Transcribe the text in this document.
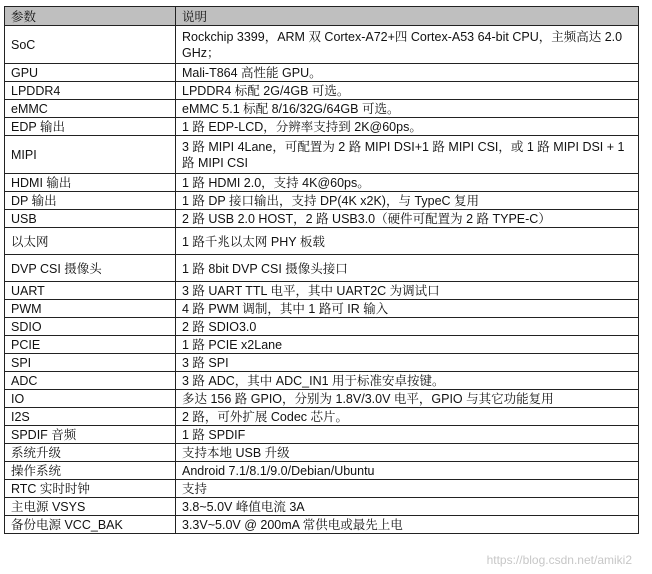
参数	说明
SoC	Rockchip 3399，ARM 双 Cortex-A72+四 Cortex-A53 64-bit CPU，主频高达 2.0 GHz；
GPU	Mali-T864 高性能 GPU。
LPDDR4	LPDDR4 标配 2G/4GB 可选。
eMMC	eMMC 5.1 标配 8/16/32G/64GB 可选。
EDP 输出	1 路 EDP-LCD，分辨率支持到 2K@60ps。
MIPI	3 路 MIPI 4Lane，可配置为 2 路 MIPI DSI+1 路 MIPI CSI，或 1 路 MIPI DSI + 1 路 MIPI CSI
HDMI 输出	1 路 HDMI 2.0，支持 4K@60ps。
DP 输出	1 路 DP 接口输出，支持 DP(4K x2K)，与 TypeC 复用
USB	2 路 USB 2.0 HOST，2 路 USB3.0（硬件可配置为 2 路 TYPE-C）
以太网	1 路千兆以太网 PHY 板载
DVP CSI 摄像头	1 路 8bit DVP CSI 摄像头接口
UART	3 路 UART TTL 电平，其中 UART2C 为调试口
PWM	4 路 PWM 调制，其中 1 路可 IR 输入
SDIO	2 路 SDIO3.0
PCIE	1 路 PCIE x2Lane
SPI	3 路 SPI
ADC	3 路 ADC，其中 ADC_IN1 用于标准安卓按键。
IO	多达 156 路 GPIO，分别为 1.8V/3.0V 电平，GPIO 与其它功能复用
I2S	2 路，可外扩展 Codec 芯片。
SPDIF 音频	1 路 SPDIF
系统升级	支持本地 USB 升级
操作系统	Android 7.1/8.1/9.0/Debian/Ubuntu
RTC 实时时钟	支持
主电源 VSYS	3.8~5.0V 峰值电流 3A
备份电源 VCC_BAK	3.3V~5.0V @ 200mA 常供电或最先上电
https://blog.csdn.net/amiki2
